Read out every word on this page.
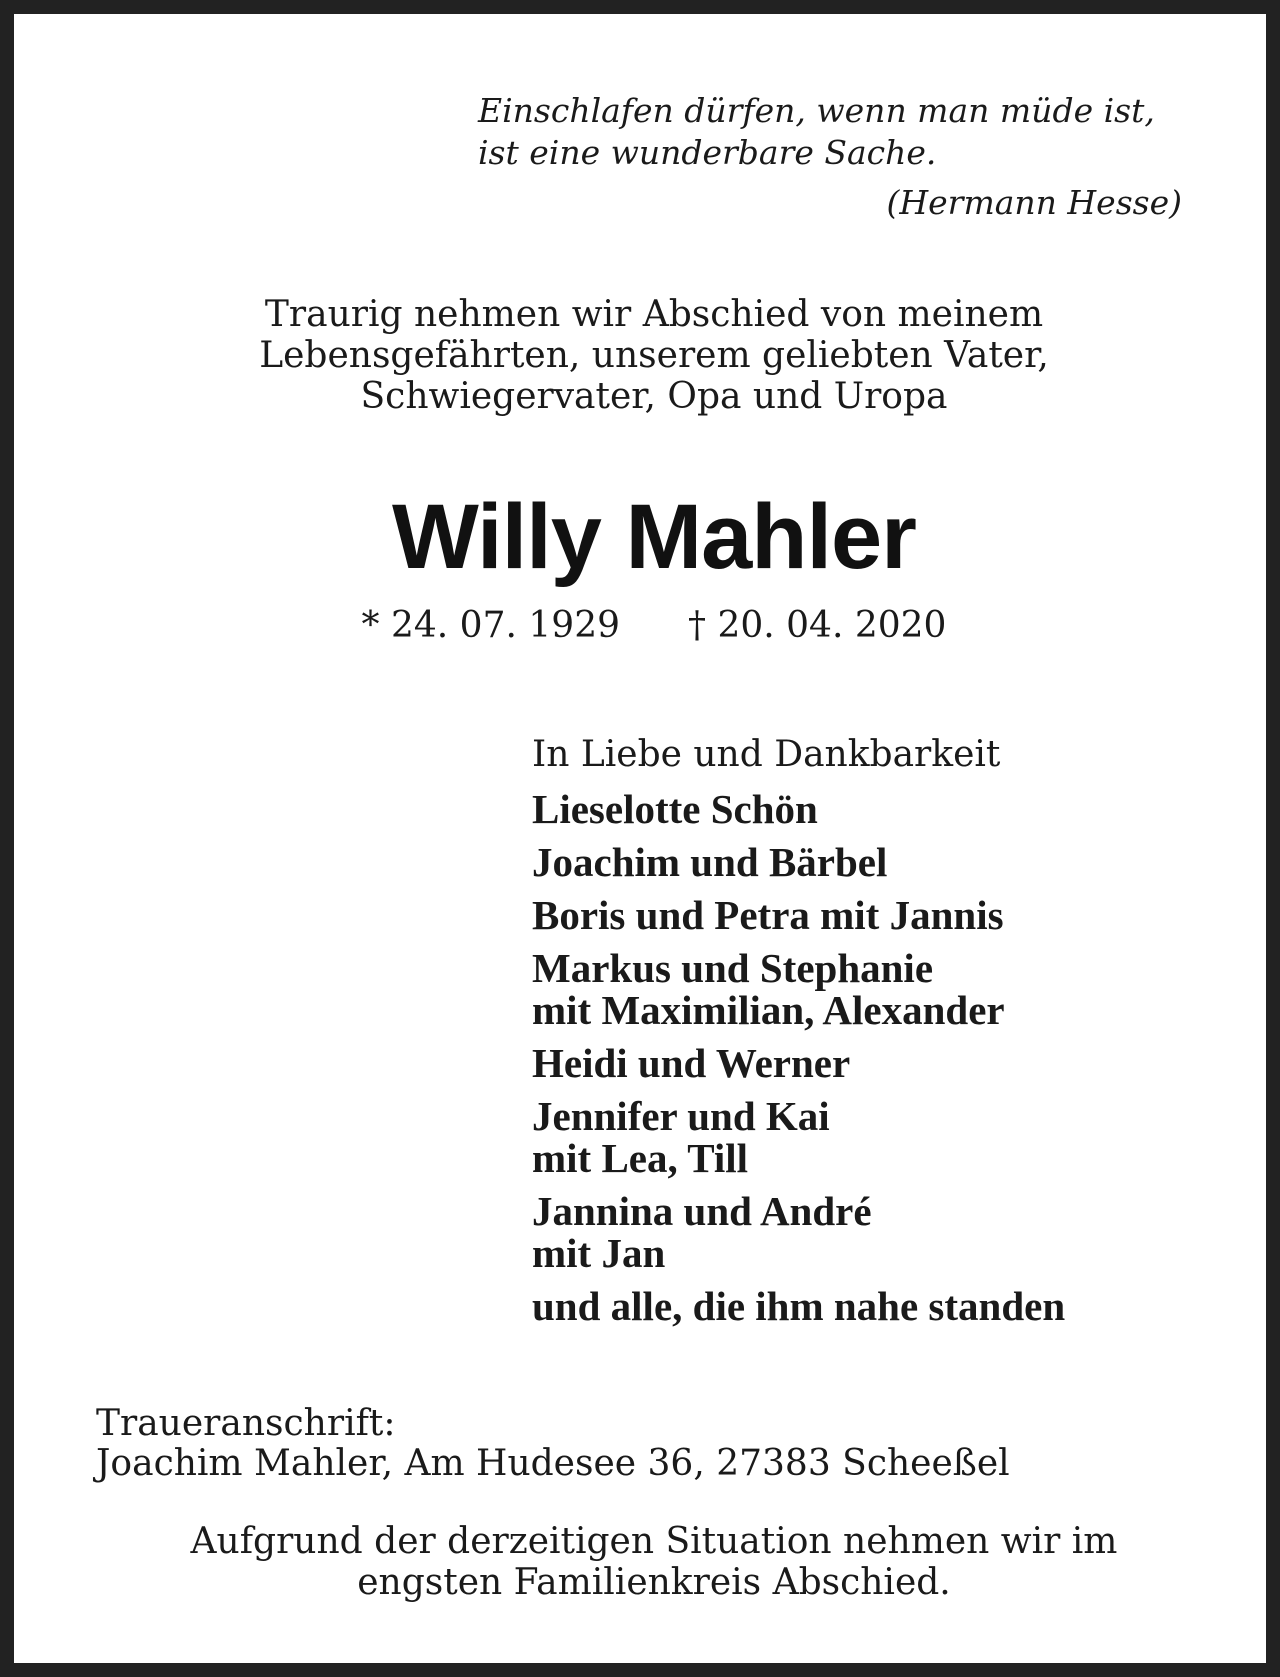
Einschlafen dürfen, wenn man müde ist,
ist eine wunderbare Sache.
(Hermann Hesse)
Traurig nehmen wir Abschied von meinem
Lebensgefährten, unserem geliebten Vater,
Schwiegervater, Opa und Uropa
Willy Mahler
* 24. 07. 1929 † 20. 04. 2020
In Liebe und Dankbarkeit
Lieselotte Schön
Joachim und Bärbel
Boris und Petra mit Jannis
Markus und Stephanie
mit Maximilian, Alexander
Heidi und Werner
Jennifer und Kai
mit Lea, Till
Jannina und André
mit Jan
und alle, die ihm nahe standen
Traueranschrift:
Joachim Mahler, Am Hudesee 36, 27383 Scheeßel
Aufgrund der derzeitigen Situation nehmen wir im
engsten Familienkreis Abschied.
